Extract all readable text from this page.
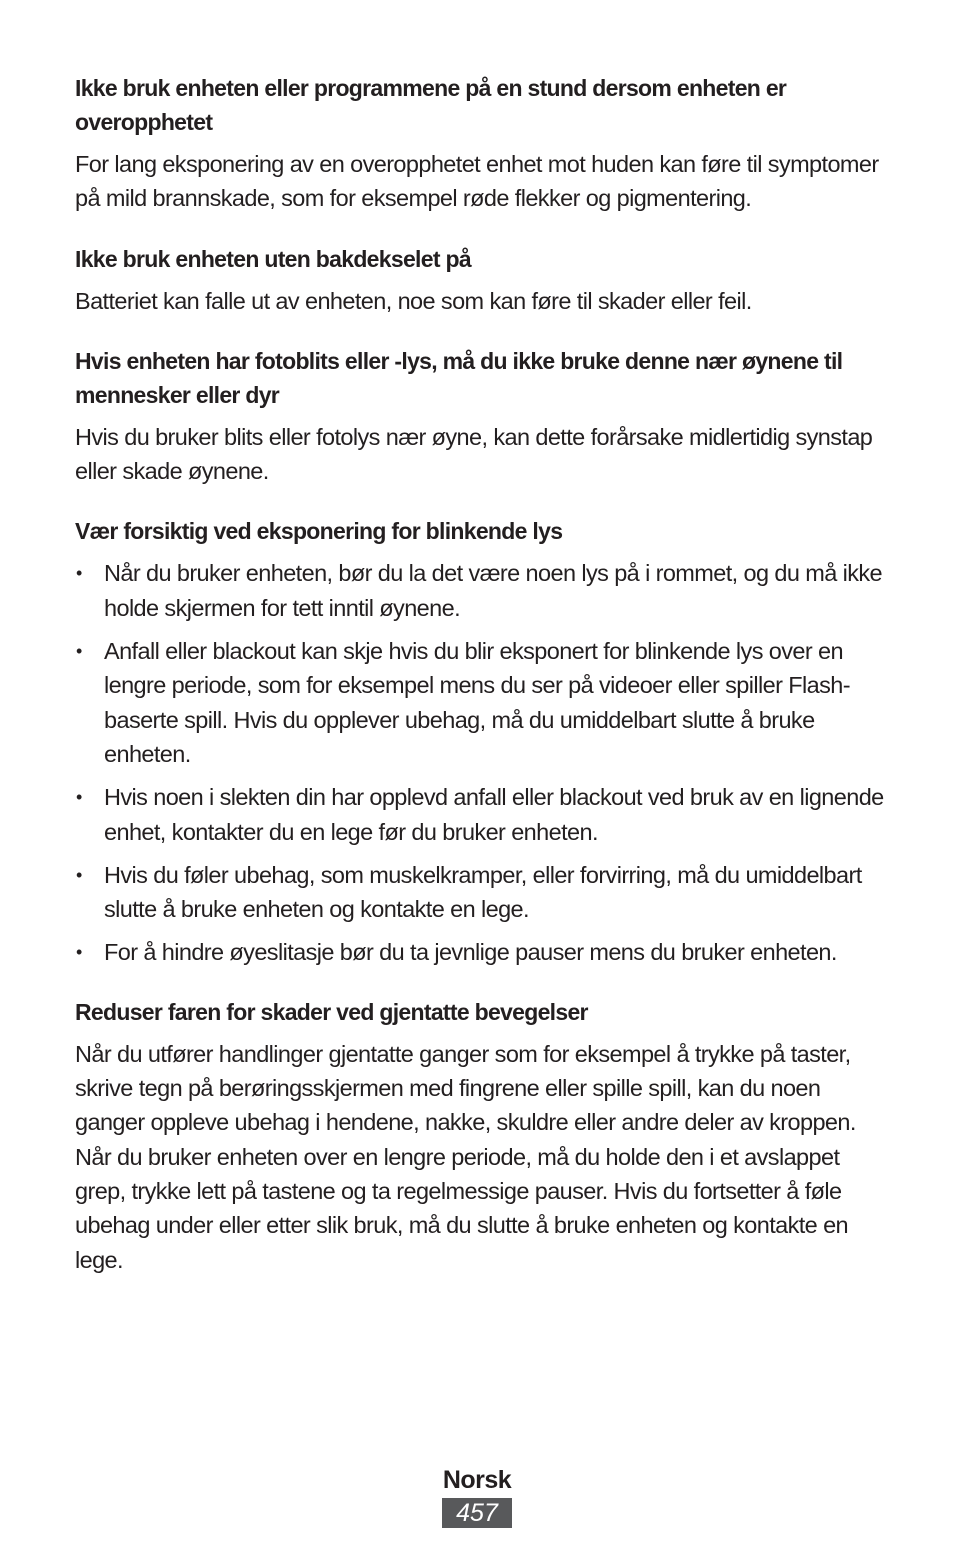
Ikke bruk enheten eller programmene på en stund dersom enheten er overopphetet

For lang eksponering av en overopphetet enhet mot huden kan føre til symptomer på mild brannskade, som for eksempel røde flekker og pigmentering.

Ikke bruk enheten uten bakdekselet på

Batteriet kan falle ut av enheten, noe som kan føre til skader eller feil.

Hvis enheten har fotoblits eller -lys, må du ikke bruke denne nær øynene til mennesker eller dyr

Hvis du bruker blits eller fotolys nær øyne, kan dette forårsake midlertidig synstap eller skade øynene.

Vær forsiktig ved eksponering for blinkende lys
• Når du bruker enheten, bør du la det være noen lys på i rommet, og du må ikke holde skjermen for tett inntil øynene.
• Anfall eller blackout kan skje hvis du blir eksponert for blinkende lys over en lengre periode, som for eksempel mens du ser på videoer eller spiller Flash-baserte spill. Hvis du opplever ubehag, må du umiddelbart slutte å bruke enheten.
• Hvis noen i slekten din har opplevd anfall eller blackout ved bruk av en lignende enhet, kontakter du en lege før du bruker enheten.
• Hvis du føler ubehag, som muskelkramper, eller forvirring, må du umiddelbart slutte å bruke enheten og kontakte en lege.
• For å hindre øyeslitasje bør du ta jevnlige pauser mens du bruker enheten.
Reduser faren for skader ved gjentatte bevegelser

Når du utfører handlinger gjentatte ganger som for eksempel å trykke på taster, skrive tegn på berøringsskjermen med fingrene eller spille spill, kan du noen ganger oppleve ubehag i hendene, nakke, skuldre eller andre deler av kroppen. Når du bruker enheten over en lengre periode, må du holde den i et avslappet grep, trykke lett på tastene og ta regelmessige pauser. Hvis du fortsetter å føle ubehag under eller etter slik bruk, må du slutte å bruke enheten og kontakte en lege.

Norsk
457
